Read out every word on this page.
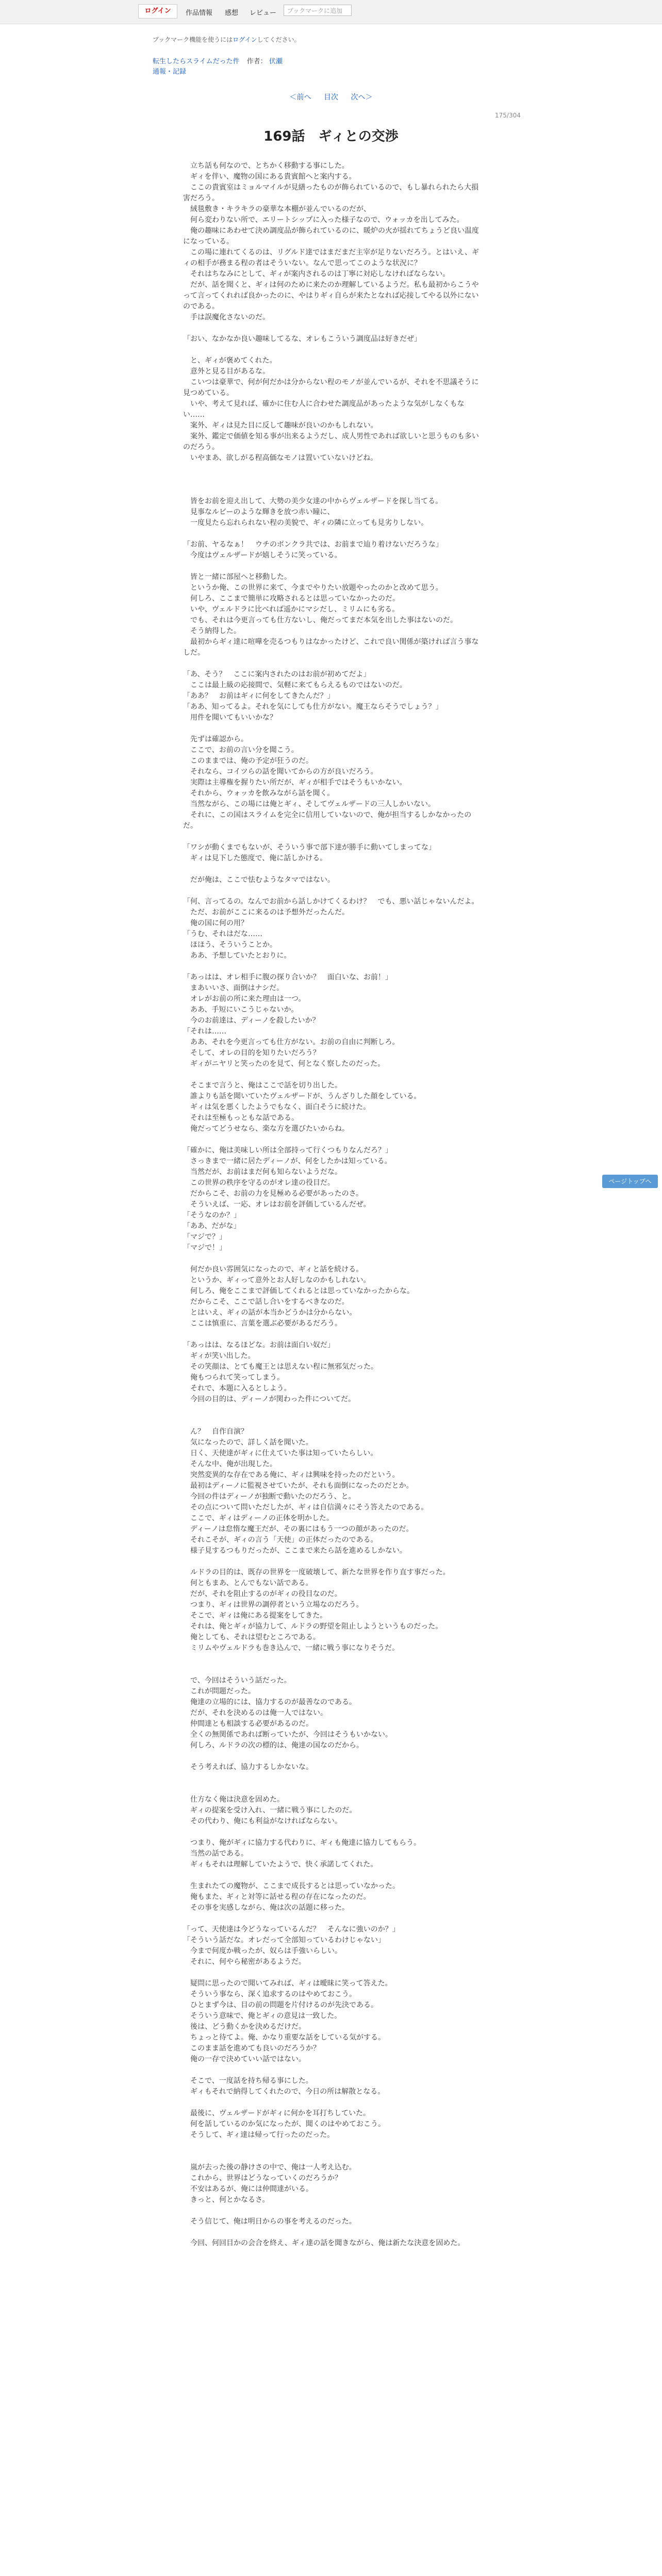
ログイン	作品情報 感想 レビュー	ブックマークに追加
ブックマーク機能を使うにはログインしてください。
転生したらスライムだった件 作者： 伏瀬
通報・記録
＜前へ 目次 次へ＞
175/304
169話　ギィとの交渉

　立ち話も何なので、とちかく移動する事にした。

　ギィを伴い、魔物の国にある貴賓館へと案内する。

　ここの貴賓室はミョルマイルが見繕ったものが飾られているので、もし暴れられたら大損害だろう。

　絨毯敷き・キラキラの豪華な本棚が並んでいるのだが、

　何ら変わりない所で、エリートシップに入った様子なので、ウォッカを出してみた。

　俺の趣味にあわせて決め調度品が飾られているのに、暖炉の火が揺れてちょうど良い温度になっている。

　この場に連れてくるのは、リグルド達ではまだまだ主宰が足りないだろう。とはいえ、ギィの相手が務まる程の者はそういない。なんで思ってこのような状況に？

　それはちなみにとして、ギィが案内されるのは丁寧に対応しなければならない。

　だが、話を聞くと、ギィは何のために来たのか理解しているようだ。私も最初からこうやって言ってくれれば良かったのに、やはりギィ自らが来たとなれば応接してやる以外にないのである。

　手は誤魔化さないのだ。

「おい、なかなか良い趣味してるな、オレもこういう調度品は好きだぜ」

　と、ギィが褒めてくれた。

　意外と見る目があるな。

　こいつは豪華で、何が何だかは分からない程のモノが並んでいるが、それを不思議そうに見つめている。

　いや、考えて見れば、確かに住む人に合わせた調度品があったような気がしなくもない……

　案外、ギィは見た目に反して趣味が良いのかもしれない。

　案外、鑑定で価値を知る事が出来るようだし、成人男性であれば欲しいと思うものも多いのだろう。

　いやまあ、欲しがる程高価なモノは置いていないけどね。

　皆をお前を迎え出して、大勢の美少女達の中からヴェルザードを探し当てる。

　見事なルビーのような輝きを放つ赤い瞳に、

　一度見たら忘れられない程の美貌で、ギィの隣に立っても見劣りしない。

「お前、ヤるなぁ！　ウチのボンクラ共では、お前まで辿り着けないだろうな」

　今度はヴェルザードが嬉しそうに笑っている。

　皆と一緒に部屋へと移動した。

　というか俺、この世界に来て、今までやりたい放題やったのかと改めて思う。

　何しろ、ここまで簡単に攻略されるとは思っていなかったのだ。

　いや、ヴェルドラに比べれば遥かにマシだし、ミリムにも劣る。

　でも、それは今更言っても仕方ないし、俺だってまだ本気を出した事はないのだ。

　そう納得した。

　最初からギィ達に喧嘩を売るつもりはなかったけど、これで良い関係が築ければ言う事なしだ。

「あ、そう？　ここに案内されたのはお前が初めてだよ」

　ここは最上級の応接間で、気軽に来てもらえるものではないのだ。

「ああ？　お前はギィに何をしてきたんだ？」

「ああ、知ってるよ。それを気にしても仕方がない。魔王ならそうでしょう？」

　用件を聞いてもいいかな？

　先ずは確認から。

　ここで、お前の言い分を聞こう。

　このままでは、俺の予定が狂うのだ。

　それなら、コイツらの話を聞いてからの方が良いだろう。

　実際は主導権を握りたい所だが、ギィが相手ではそうもいかない。

　それから、ウォッカを飲みながら話を聞く。

　当然ながら、この場には俺とギィ、そしてヴェルザードの三人しかいない。

　それに、この国はスライムを完全に信用していないので、俺が担当するしかなかったのだ。

「ワシが動くまでもないが、そういう事で部下達が勝手に動いてしまってな」

　ギィは見下した態度で、俺に話しかける。

　だが俺は、ここで怯むようなタマではない。

「何、言ってるの。なんでお前から話しかけてくるわけ？　でも、悪い話じゃないんだよ。

　ただ、お前がここに来るのは予想外だったんだ。

　俺の国に何の用？

「うむ、それはだな……

　ほほう、そういうことか。

　ああ、予想していたとおりに。

「あっはは、オレ相手に腹の探り合いか？　面白いな、お前！」

　まあいいさ、面倒はナシだ。

　オレがお前の所に来た理由は一つ。

　ああ、手短にいこうじゃないか。

　今のお前達は、ディーノを殺したいか？

「それは……

　ああ、それを今更言っても仕方がない。お前の自由に判断しろ。

　そして、オレの目的を知りたいだろう？

　ギィがニヤリと笑ったのを見て、何となく察したのだった。

　そこまで言うと、俺はここで話を切り出した。

　誰よりも話を聞いていたヴェルザードが、うんざりした顔をしている。

　ギィは気を悪くしたようでもなく、面白そうに続けた。

　それは至極もっともな話である。

　俺だってどうせなら、楽な方を選びたいからね。

「確かに、俺は美味しい所は全部持って行くつもりなんだろ？」

　さっきまで一緒に居たディーノが、何をしたかは知っている。

　当然だが、お前はまだ何も知らないようだな。

　この世界の秩序を守るのがオレ達の役目だ。

　だからこそ、お前の力を見極める必要があったのさ。

　そういえば、一応、オレはお前を評価しているんだぜ。

「そうなのか？」

「ああ、だがな」

「マジで？」

「マジで！」

　何だか良い雰囲気になったので、ギィと話を続ける。

　というか、ギィって意外とお人好しなのかもしれない。

　何しろ、俺をここまで評価してくれるとは思っていなかったからな。

　だからこそ、ここで話し合いをするべきなのだ。

　とはいえ、ギィの話が本当かどうかは分からない。

　ここは慎重に、言葉を選ぶ必要があるだろう。

「あっはは、なるほどな。お前は面白い奴だ」

　ギィが笑い出した。

　その笑顔は、とても魔王とは思えない程に無邪気だった。

　俺もつられて笑ってしまう。

　それで、本題に入るとしよう。

　今回の目的は、ディーノが関わった件についてだ。

　ん？　自作自演？

　気になったので、詳しく話を聞いた。

　日く、天使達がギィに仕えていた事は知っていたらしい。

　そんな中、俺が出現した。

　突然変異的な存在である俺に、ギィは興味を持ったのだという。

　最初はディーノに監視させていたが、それも面倒になったのだとか。

　今回の件はディーノが独断で動いたのだろう、と。

　その点について問いただしたが、ギィは自信満々にそう答えたのである。

　ここで、ギィはディーノの正体を明かした。

　ディーノは怠惰な魔王だが、その裏にはもう一つの顔があったのだ。

　それこそが、ギィの言う「天使」の正体だったのである。

　様子見するつもりだったが、ここまで来たら話を進めるしかない。

　ルドラの目的は、既存の世界を一度破壊して、新たな世界を作り直す事だった。

　何ともまあ、とんでもない話である。

　だが、それを阻止するのがギィの役目なのだ。

　つまり、ギィは世界の調停者という立場なのだろう。

　そこで、ギィは俺にある提案をしてきた。

　それは、俺とギィが協力して、ルドラの野望を阻止しようというものだった。

　俺としても、それは望むところである。

　ミリムやヴェルドラも巻き込んで、一緒に戦う事になりそうだ。

　で、今回はそういう話だった。

　これが問題だった。

　俺達の立場的には、協力するのが最善なのである。

　だが、それを決めるのは俺一人ではない。

　仲間達とも相談する必要があるのだ。

　全くの無関係であれば断っていたが、今回はそうもいかない。

　何しろ、ルドラの次の標的は、俺達の国なのだから。

　そう考えれば、協力するしかないな。

　仕方なく俺は決意を固めた。

　ギィの提案を受け入れ、一緒に戦う事にしたのだ。

　その代わり、俺にも利益がなければならない。

　つまり、俺がギィに協力する代わりに、ギィも俺達に協力してもらう。

　当然の話である。

　ギィもそれは理解していたようで、快く承諾してくれた。

　生まれたての魔物が、ここまで成長するとは思っていなかった。

　俺もまた、ギィと対等に話せる程の存在になったのだ。

　その事を実感しながら、俺は次の話題に移った。

「って、天使達は今どうなっているんだ？　そんなに強いのか？」

「そういう話だな。オレだって全部知っているわけじゃない」

　今まで何度か戦ったが、奴らは手強いらしい。

　それに、何やら秘密があるようだ。

　疑問に思ったので聞いてみれば、ギィは曖昧に笑って答えた。

　そういう事なら、深く追求するのはやめておこう。

　ひとまず今は、目の前の問題を片付けるのが先決である。

　そういう意味で、俺とギィの意見は一致した。

　後は、どう動くかを決めるだけだ。

　ちょっと待てよ。俺、かなり重要な話をしている気がする。

　このまま話を進めても良いのだろうか？

　俺の一存で決めていい話ではない。

　そこで、一度話を持ち帰る事にした。

　ギィもそれで納得してくれたので、今日の所は解散となる。

　最後に、ヴェルザードがギィに何かを耳打ちしていた。

　何を話しているのか気になったが、聞くのはやめておこう。

　そうして、ギィ達は帰って行ったのだった。

　嵐が去った後の静けさの中で、俺は一人考え込む。

　これから、世界はどうなっていくのだろうか？

　不安はあるが、俺には仲間達がいる。

　きっと、何とかなるさ。

　そう信じて、俺は明日からの事を考えるのだった。

　今回、何回目かの会合を終え、ギィ達の話を聞きながら、俺は新たな決意を固めた。

ページトップへ
